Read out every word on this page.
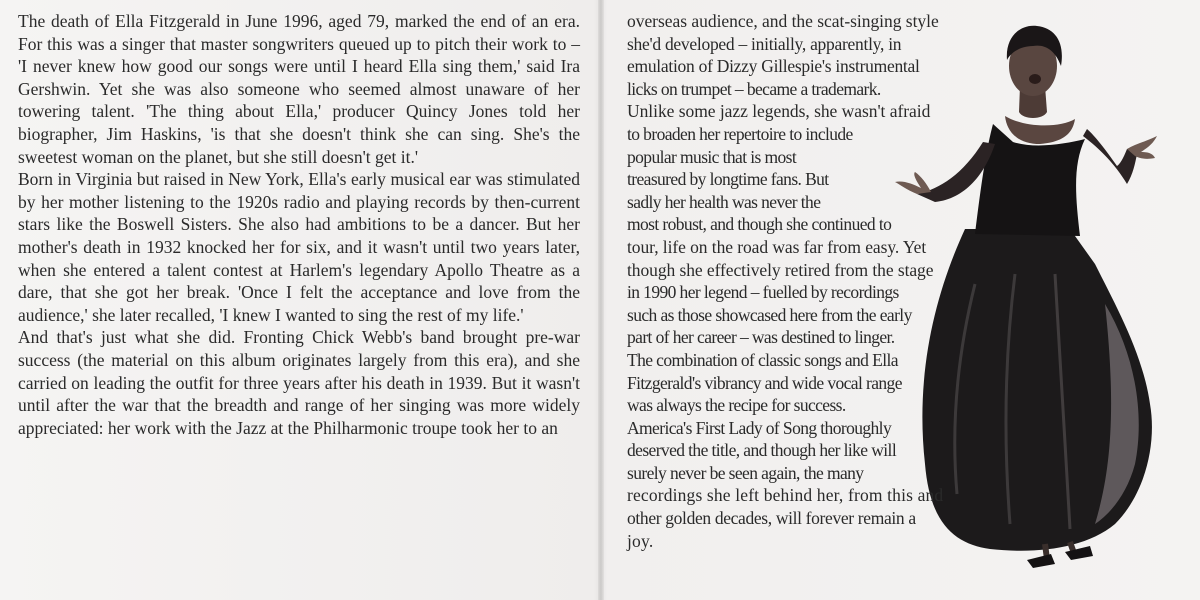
The death of Ella Fitzgerald in June 1996, aged 79, marked the end of an era. For this was a singer that master songwriters queued up to pitch their work to – 'I never knew how good our songs were until I heard Ella sing them,' said Ira Gershwin. Yet she was also someone who seemed almost unaware of her towering talent. 'The thing about Ella,' producer Quincy Jones told her biographer, Jim Haskins, 'is that she doesn't think she can sing. She's the sweetest woman on the planet, but she still doesn't get it.'

Born in Virginia but raised in New York, Ella's early musical ear was stimulated by her mother listening to the 1920s radio and playing records by then-current stars like the Boswell Sisters. She also had ambitions to be a dancer. But her mother's death in 1932 knocked her for six, and it wasn't until two years later, when she entered a talent contest at Harlem's legendary Apollo Theatre as a dare, that she got her break. 'Once I felt the acceptance and love from the audience,' she later recalled, 'I knew I wanted to sing the rest of my life.'

And that's just what she did. Fronting Chick Webb's band brought pre-war success (the material on this album originates largely from this era), and she carried on leading the outfit for three years after his death in 1939. But it wasn't until after the war that the breadth and range of her singing was more widely appreciated: her work with the Jazz at the Philharmonic troupe took her to an

overseas audience, and the scat-singing style
she'd developed – initially, apparently, in
emulation of Dizzy Gillespie's instrumental
licks on trumpet – became a trademark.
Unlike some jazz legends, she wasn't afraid
to broaden her repertoire to include
popular music that is most
treasured by longtime fans. But
sadly her health was never the
most robust, and though she continued to
tour, life on the road was far from easy. Yet
though she effectively retired from the stage
in 1990 her legend – fuelled by recordings
such as those showcased here from the early
part of her career – was destined to linger.
The combination of classic songs and Ella
Fitzgerald's vibrancy and wide vocal range
was always the recipe for success.
America's First Lady of Song thoroughly
deserved the title, and though her like will
surely never be seen again, the many
recordings she left behind her, from this and
other golden decades, will forever remain a
joy.
